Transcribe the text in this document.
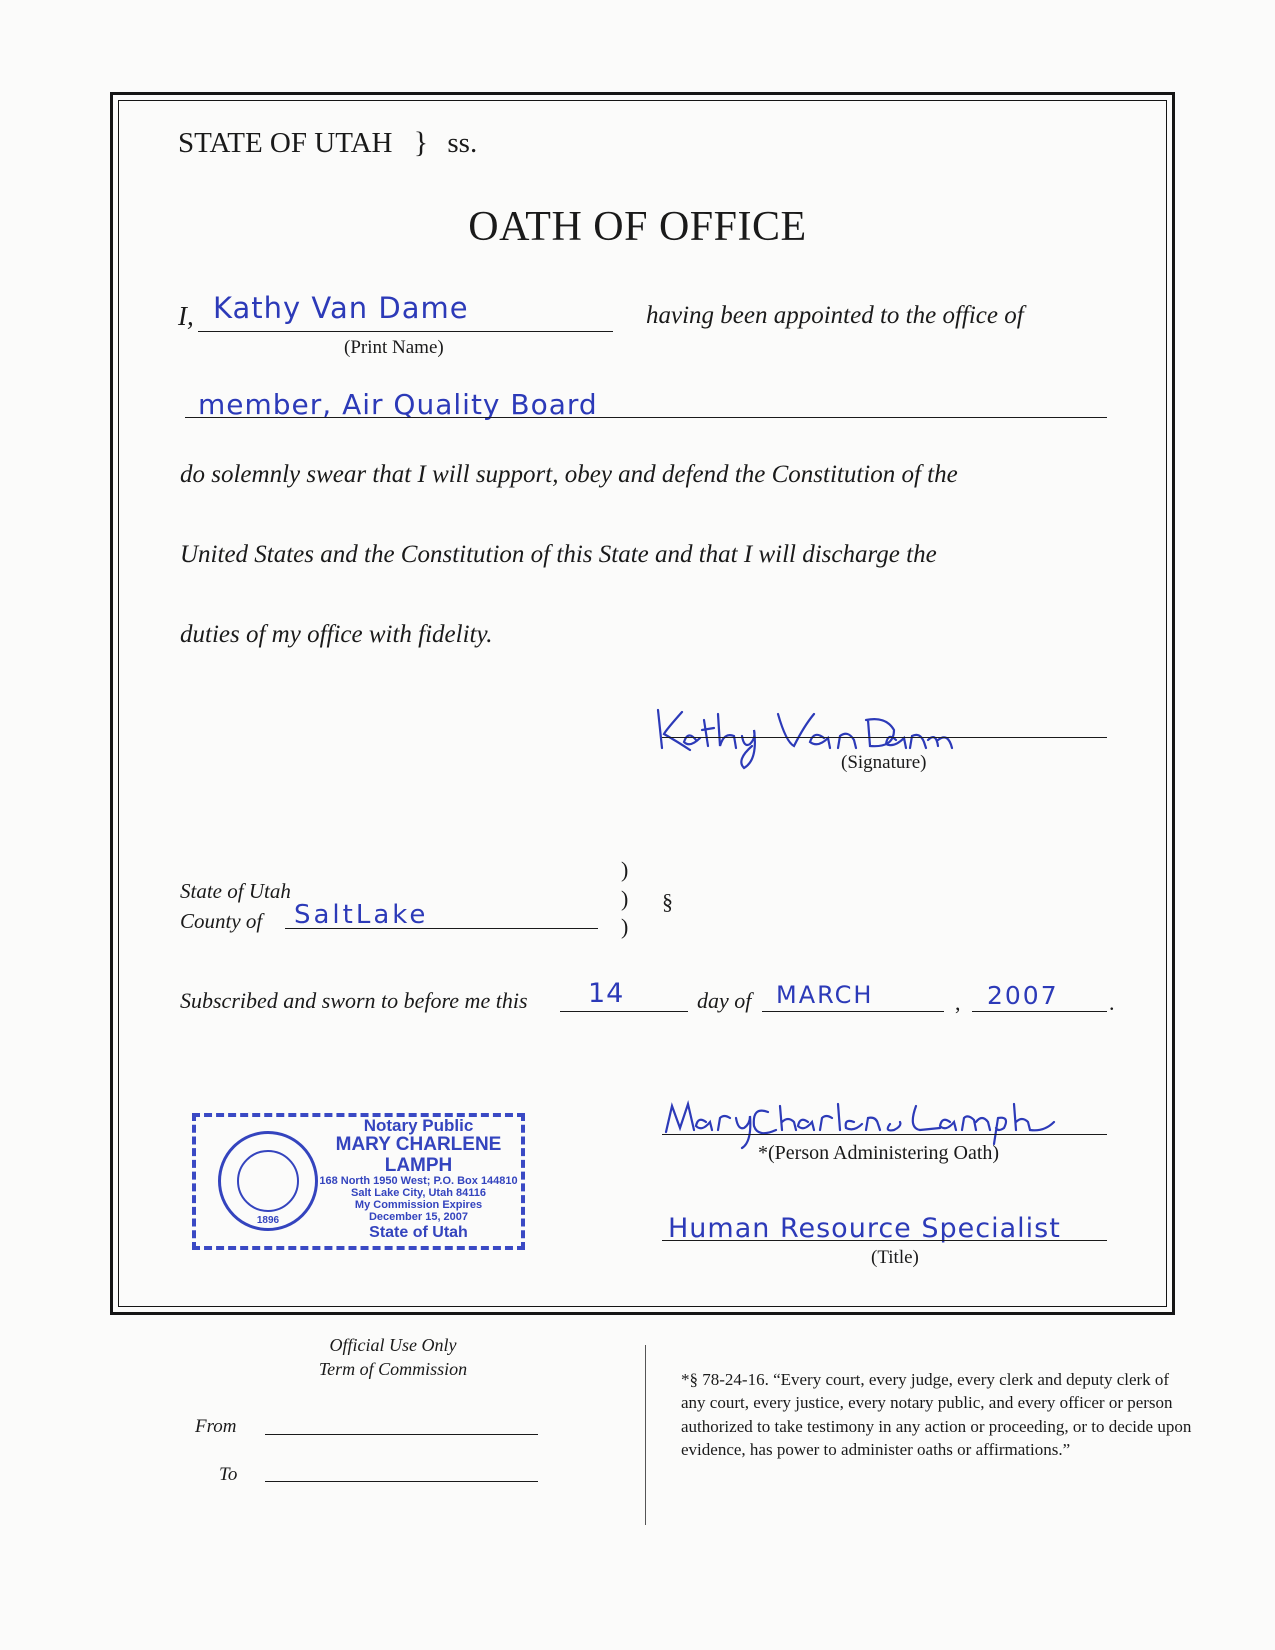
STATE OF UTAH } ss.
OATH OF OFFICE
I, Kathy Van Dame
(Print Name)
having been appointed to the office of
member, Air Quality Board
do solemnly swear that I will support, obey and defend the Constitution of the
United States and the Constitution of this State and that I will discharge the
duties of my office with fidelity.
(Signature)
State of Utah
County of SaltLake
)
)
)
§
Subscribed and sworn to before me this 14	day of MARCH	, 2007 .
*(Person Administering Oath)
Human Resource Specialist
(Title)
1896
Notary Public
MARY CHARLENE LAMPH
168 North 1950 West; P.O. Box 144810
Salt Lake City, Utah 84116
My Commission Expires
December 15, 2007
State of Utah
Official Use Only
Term of Commission
From
To
*§ 78-24-16. “Every court, every judge, every clerk and deputy clerk of any court, every justice, every notary public, and every officer or person authorized to take testimony in any action or proceeding, or to decide upon evidence, has power to administer oaths or affirmations.”
